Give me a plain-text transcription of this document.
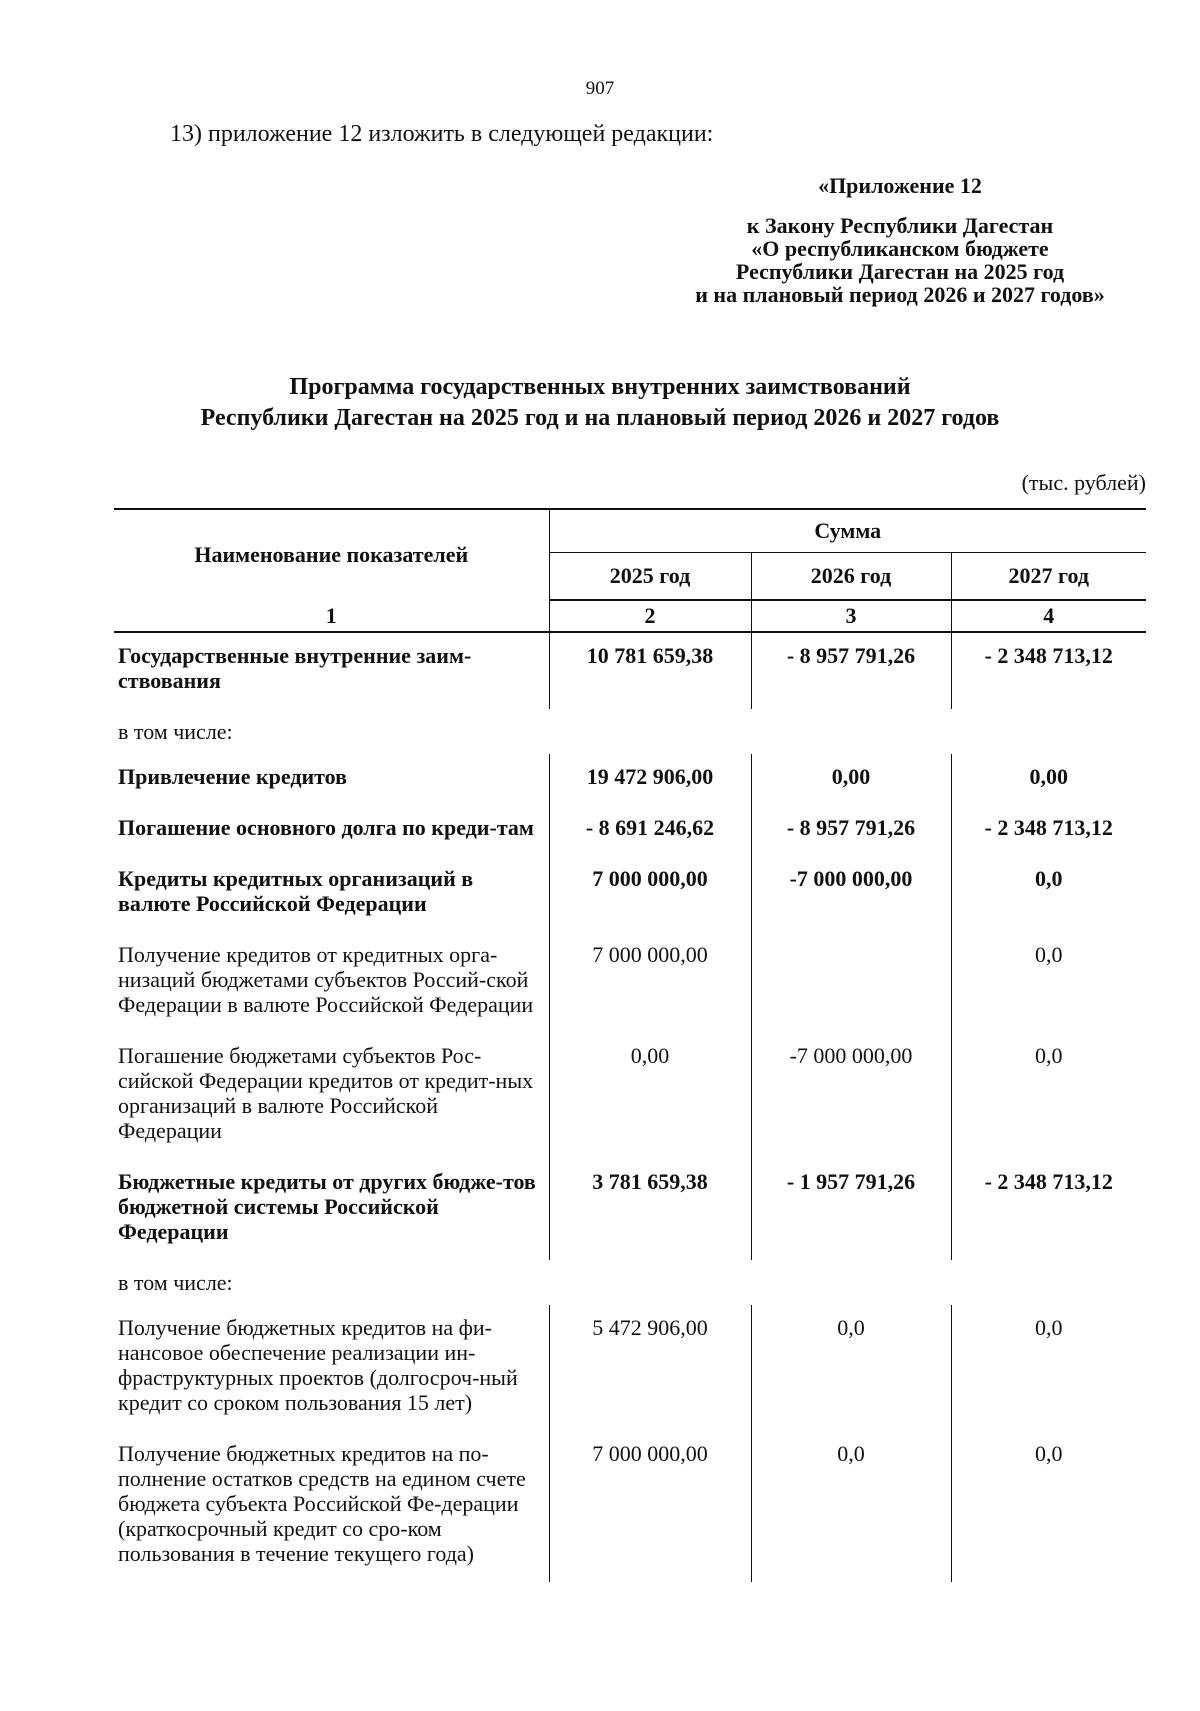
907
13) приложение 12 изложить в следующей редакции:
«Приложение 12
к Закону Республики Дагестан
«О республиканском бюджете
Республики Дагестан на 2025 год
и на плановый период 2026 и 2027 годов»
Программа государственных внутренних заимствований
Республики Дагестан на 2025 год и на плановый период 2026 и 2027 годов
(тыс. рублей)
Наименование показателей	Сумма		
	2025 год	2026 год	2027 год
1	2	3	4
Государственные внутренние заим-ствования	10 781 659,38	- 8 957 791,26	- 2 348 713,12
в том числе:			
Привлечение кредитов	19 472 906,00	0,00	0,00
Погашение основного долга по креди-там	- 8 691 246,62	- 8 957 791,26	- 2 348 713,12
Кредиты кредитных организаций в валюте Российской Федерации	7 000 000,00	-7 000 000,00	0,0
Получение кредитов от кредитных орга-низаций бюджетами субъектов Россий-ской Федерации в валюте Российской Федерации	7 000 000,00		0,0
Погашение бюджетами субъектов Рос-сийской Федерации кредитов от кредит-ных организаций в валюте Российской Федерации	0,00	-7 000 000,00	0,0
Бюджетные кредиты от других бюдже-тов бюджетной системы Российской Федерации	3 781 659,38	- 1 957 791,26	- 2 348 713,12
в том числе:			
Получение бюджетных кредитов на фи-нансовое обеспечение реализации ин-фраструктурных проектов (долгосроч-ный кредит со сроком пользования 15 лет)	5 472 906,00	0,0	0,0
Получение бюджетных кредитов на по-полнение остатков средств на едином счете бюджета субъекта Российской Фе-дерации (краткосрочный кредит со сро-ком пользования в течение текущего года)	7 000 000,00	0,0	0,0
